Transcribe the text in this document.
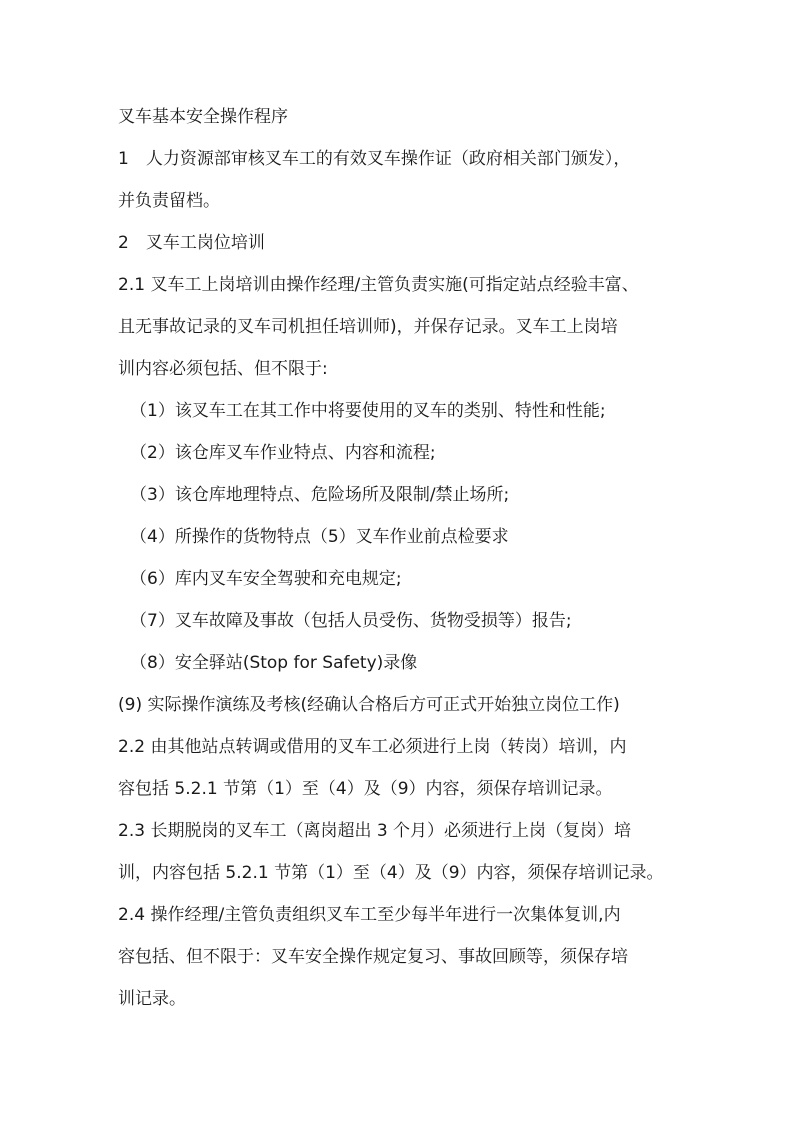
叉车基本安全操作程序
1　人力资源部审核叉车工的有效叉车操作证（政府相关部门颁发），
并负责留档。
2　叉车工岗位培训
2.1 叉车工上岗培训由操作经理/主管负责实施(可指定站点经验丰富、
且无事故记录的叉车司机担任培训师)，并保存记录。叉车工上岗培
训内容必须包括、但不限于:
（1）该叉车工在其工作中将要使用的叉车的类别、特性和性能;
（2）该仓库叉车作业特点、内容和流程;
（3）该仓库地理特点、危险场所及限制/禁止场所;
（4）所操作的货物特点（5）叉车作业前点检要求
（6）库内叉车安全驾驶和充电规定;
（7）叉车故障及事故（包括人员受伤、货物受损等）报告;
（8）安全驿站(Stop for Safety)录像
(9) 实际操作演练及考核(经确认合格后方可正式开始独立岗位工作)
2.2 由其他站点转调或借用的叉车工必须进行上岗（转岗）培训，内
容包括 5.2.1 节第（1）至（4）及（9）内容，须保存培训记录。
2.3 长期脱岗的叉车工（离岗超出 3 个月）必须进行上岗（复岗）培
训，内容包括 5.2.1 节第（1）至（4）及（9）内容，须保存培训记录。
2.4 操作经理/主管负责组织叉车工至少每半年进行一次集体复训,内
容包括、但不限于：叉车安全操作规定复习、事故回顾等，须保存培
训记录。
